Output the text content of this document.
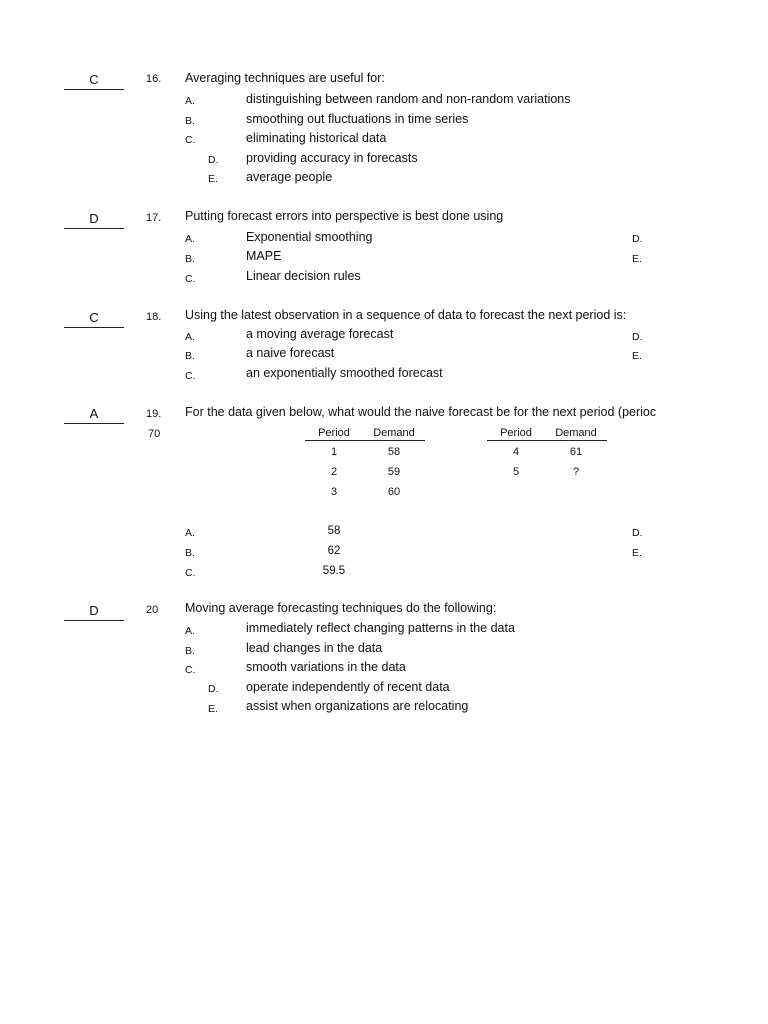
C	16. Averaging techniques are useful for:
A.	distinguishing between random and non-random variations
B.	smoothing out fluctuations in time series
C.	eliminating historical data
D. providing accuracy in forecasts
E. average people
D	17. Putting forecast errors into perspective is best done using
A.	Exponential smoothing
B.	MAPE
C.	Linear decision rules
D.
E.
C	18. Using the latest observation in a sequence of data to forecast the next period is:
A.	a moving average forecast
B.	a naive forecast
C.	an exponentially smoothed forecast
D.
E.
A	19. For the data given below, what would the naive forecast be for the next period (perioc
70	Period	Demand
1	58
2	59
3	60
Period	Demand
4	61
5	?
A.	58
B.	62
C.	59.5
D.
E.
D	20 Moving average forecasting techniques do the following:
A.	immediately reflect changing patterns in the data
B.	lead changes in the data
C.	smooth variations in the data
D. operate independently of recent data
E. assist when organizations are relocating
